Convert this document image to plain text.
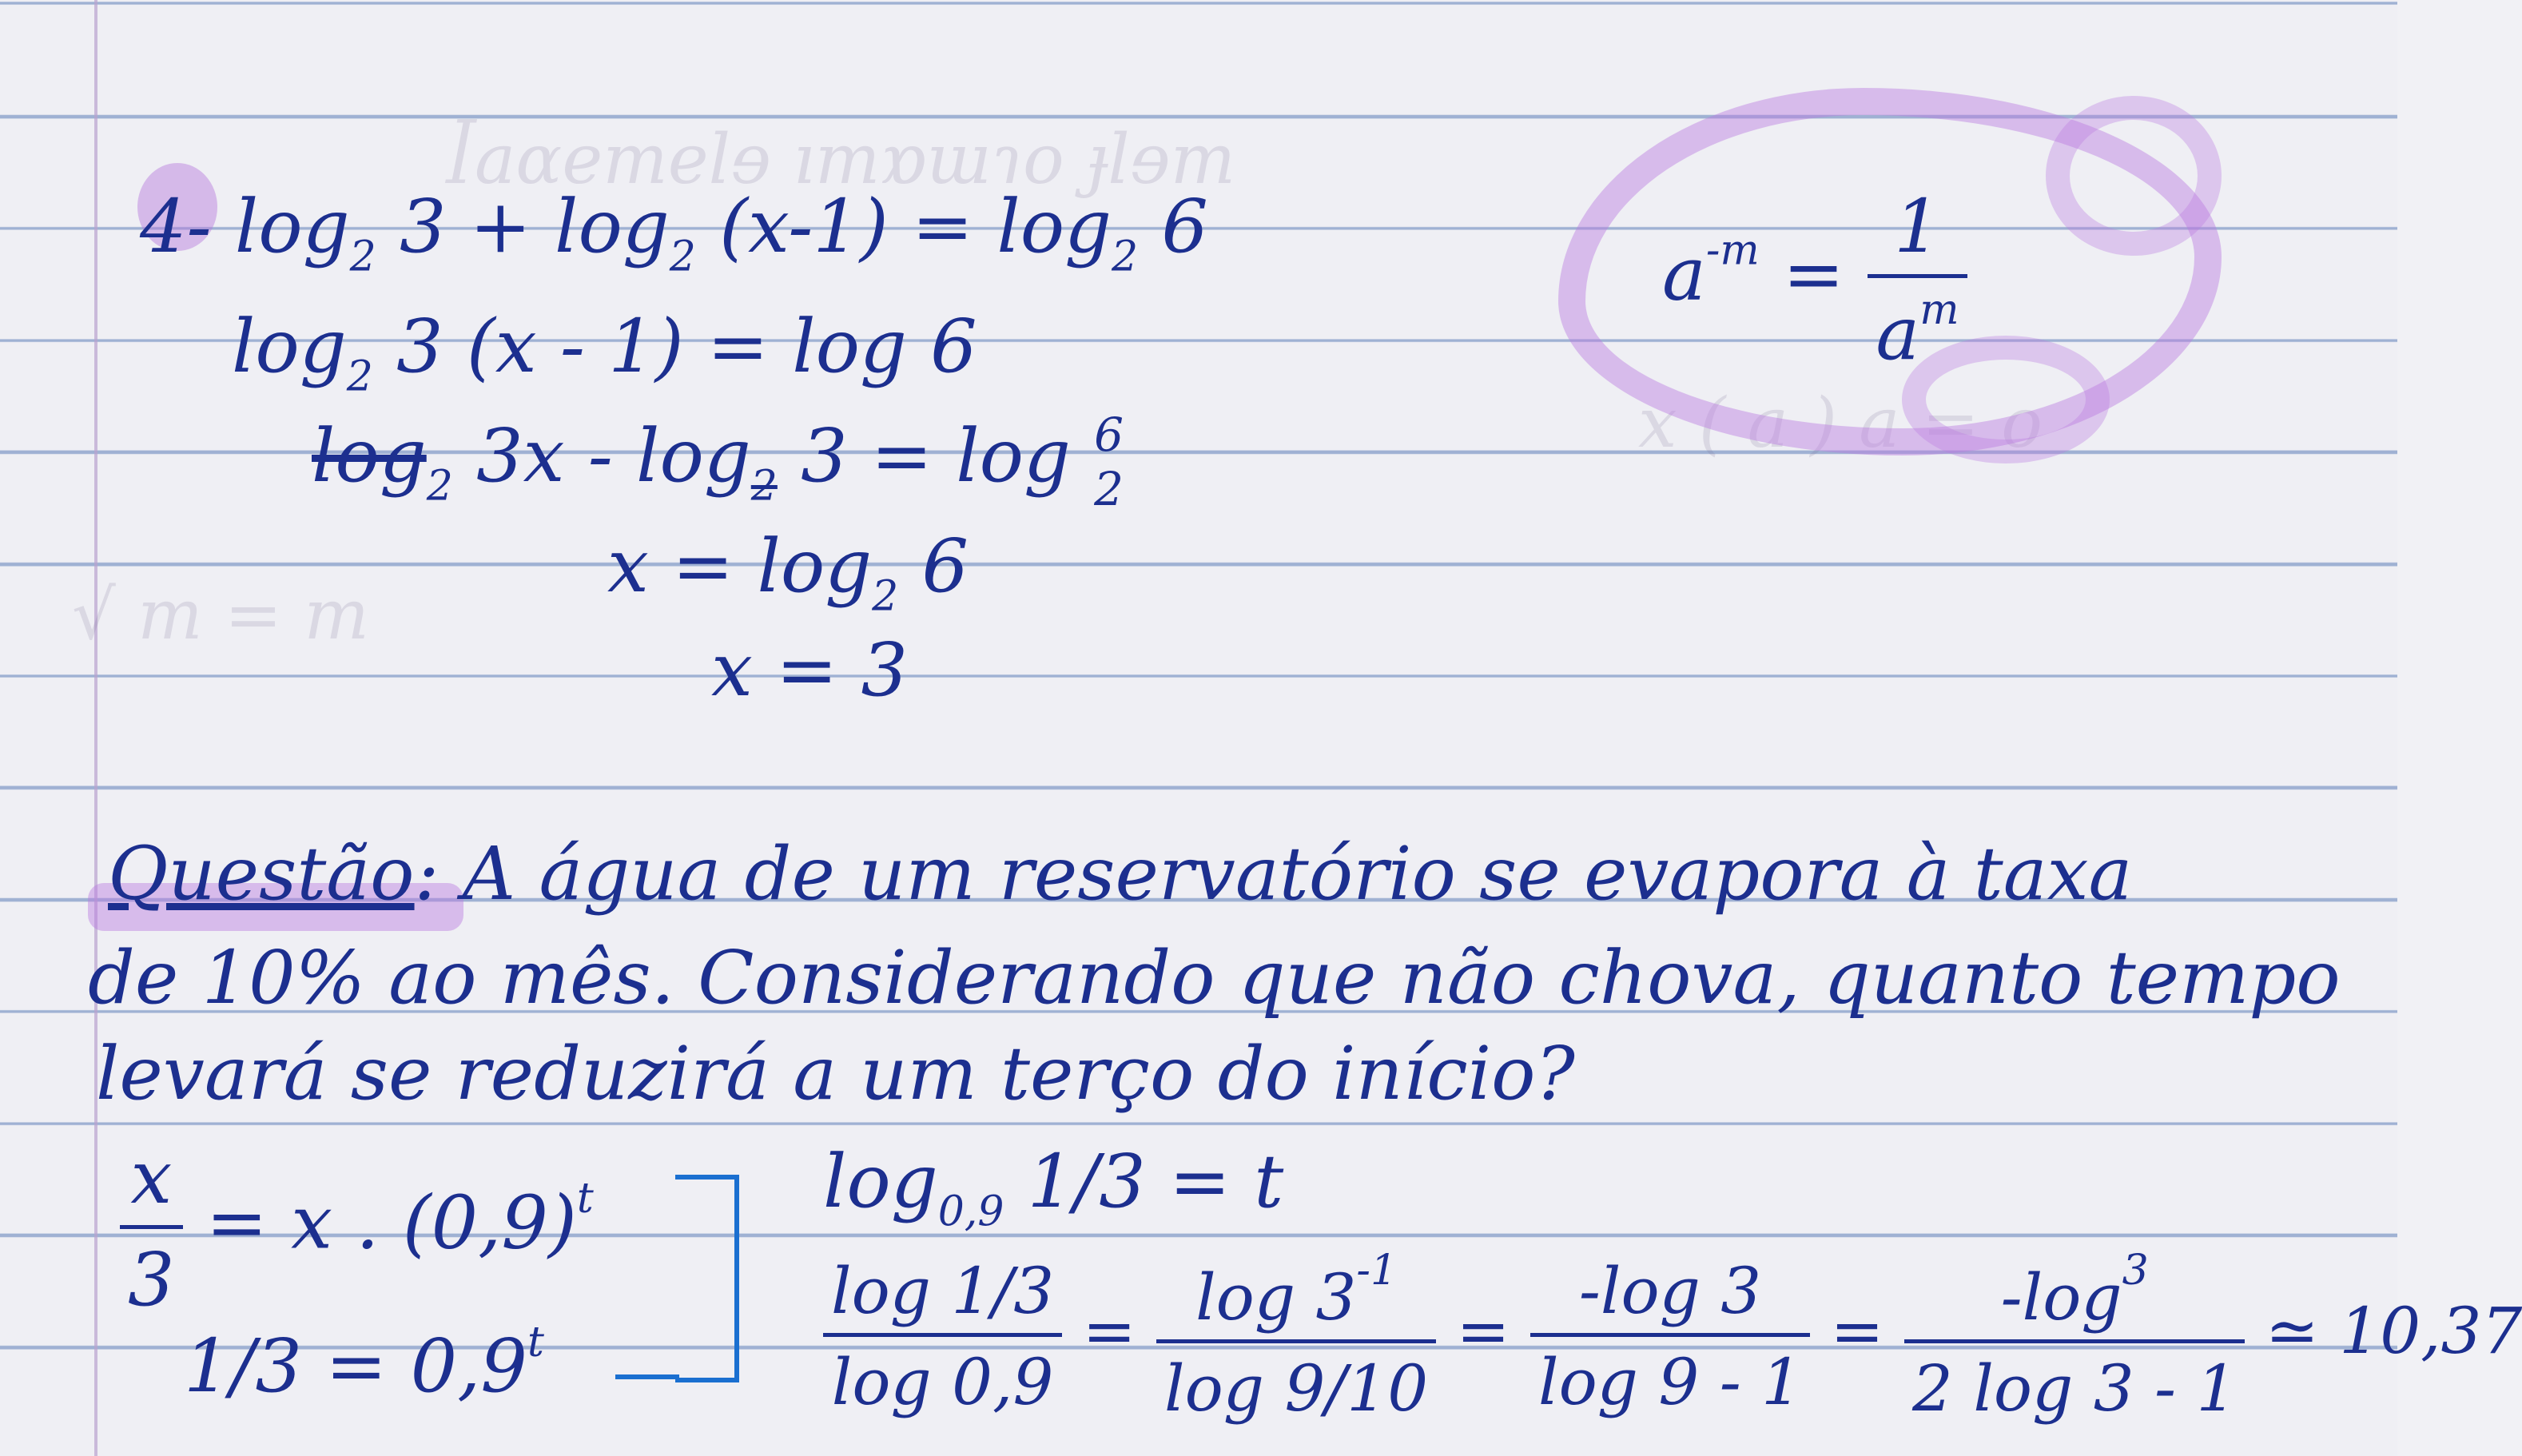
ꟾaɑemelɘ ımɒɯɿo ɟlɘm
x ( a ) a = o
√ m = m
4- $\log_2 3 + \log_2 (x-1) = \log_2 6$
$\log_2 3$ (x - 1) = log 6
$\log_2 3x - \log_2 3 = \log 6$
2
$x = \log_2 6$
x = 3
$a^{-m} = \frac{1}{a^m}$
Questão: A água de um reservatório se evapora à taxa
de 10% ao mês. Considerando que não chova, quanto tempo
levará se reduzirá a um terço do início?
$\frac{x}{3} = x$ . $(0,9)^t$
$1/3 = 0,9^t$
$\log_{0,9} 1/3 = t$
$\frac{\log 1/3}{\log 0,9} = \frac{\log 3^{-1}}{\log 9/10} = \frac{-\log 3}{\log 9 - 1} = \frac{-\log^3}{2 \log 3 - 1}$ ≃ 10,37
